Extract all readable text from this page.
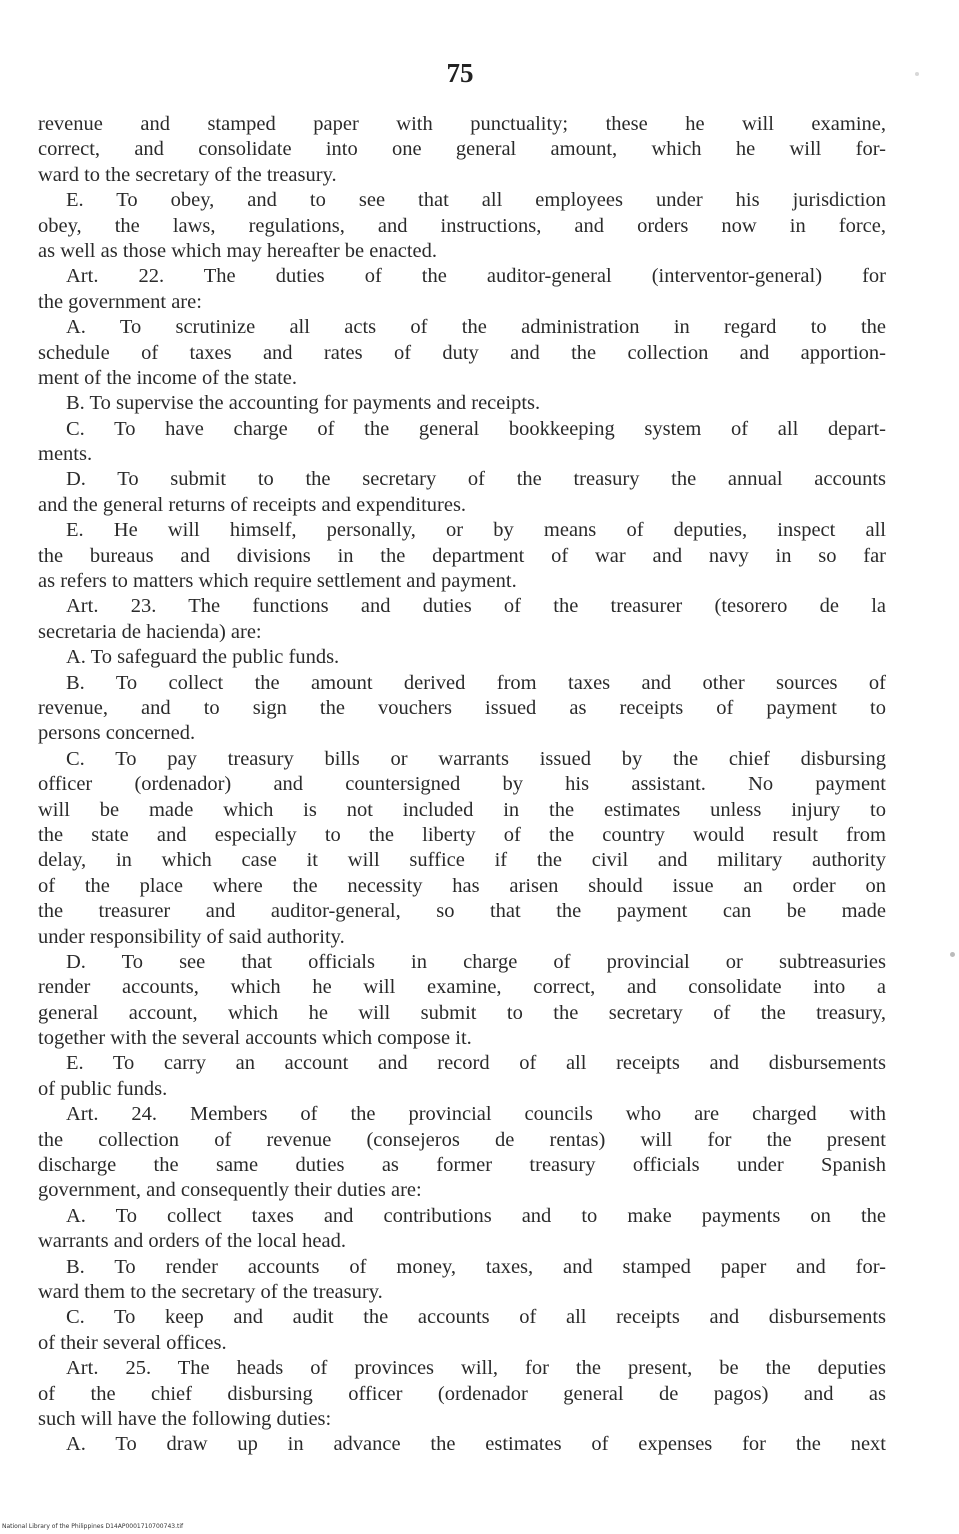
75
revenue and stamped paper with punctuality; these he will examine,
correct, and consolidate into one general amount, which he will for-
ward to the secretary of the treasury.
E. To obey, and to see that all employees under his jurisdiction
obey, the laws, regulations, and instructions, and orders now in force,
as well as those which may hereafter be enacted.
Art. 22. The duties of the auditor-general (interventor-general) for
the government are:
A. To scrutinize all acts of the administration in regard to the
schedule of taxes and rates of duty and the collection and apportion-
ment of the income of the state.
B. To supervise the accounting for payments and receipts.
C. To have charge of the general bookkeeping system of all depart-
ments.
D. To submit to the secretary of the treasury the annual accounts
and the general returns of receipts and expenditures.
E. He will himself, personally, or by means of deputies, inspect all
the bureaus and divisions in the department of war and navy in so far
as refers to matters which require settlement and payment.
Art. 23. The functions and duties of the treasurer (tesorero de la
secretaria de hacienda) are:
A. To safeguard the public funds.
B. To collect the amount derived from taxes and other sources of
revenue, and to sign the vouchers issued as receipts of payment to
persons concerned.
C. To pay treasury bills or warrants issued by the chief disbursing
officer (ordenador) and countersigned by his assistant. No payment
will be made which is not included in the estimates unless injury to
the state and especially to the liberty of the country would result from
delay, in which case it will suffice if the civil and military authority
of the place where the necessity has arisen should issue an order on
the treasurer and auditor-general, so that the payment can be made
under responsibility of said authority.
D. To see that officials in charge of provincial or subtreasuries
render accounts, which he will examine, correct, and consolidate into a
general account, which he will submit to the secretary of the treasury,
together with the several accounts which compose it.
E. To carry an account and record of all receipts and disbursements
of public funds.
Art. 24. Members of the provincial councils who are charged with
the collection of revenue (consejeros de rentas) will for the present
discharge the same duties as former treasury officials under Spanish
government, and consequently their duties are:
A. To collect taxes and contributions and to make payments on the
warrants and orders of the local head.
B. To render accounts of money, taxes, and stamped paper and for-
ward them to the secretary of the treasury.
C. To keep and audit the accounts of all receipts and disbursements
of their several offices.
Art. 25. The heads of provinces will, for the present, be the deputies
of the chief disbursing officer (ordenador general de pagos) and as
such will have the following duties:
A. To draw up in advance the estimates of expenses for the next
National Library of the Philippines D14AP0001710700743.tif
